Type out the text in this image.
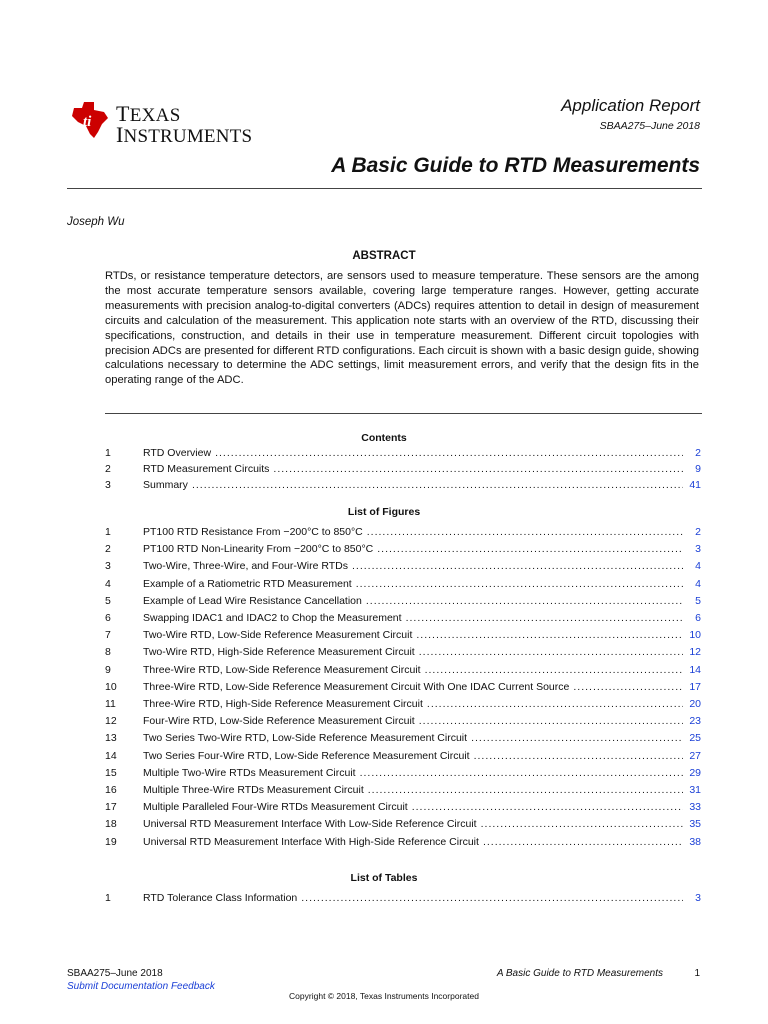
ti TEXAS
INSTRUMENTS
Application Report
SBAA275–June 2018
A Basic Guide to RTD Measurements
Joseph Wu
ABSTRACT
RTDs, or resistance temperature detectors, are sensors used to measure temperature. These sensors are the among the most accurate temperature sensors available, covering large temperature ranges. However, getting accurate measurements with precision analog-to-digital converters (ADCs) requires attention to detail in design of measurement circuits and calculation of the measurement. This application note starts with an overview of the RTD, discussing their specifications, construction, and details in their use in temperature measurement. Different circuit topologies with precision ADCs are presented for different RTD configurations. Each circuit is shown with a basic design guide, showing calculations necessary to determine the ADC settings, limit measurement errors, and verify that the design fits in the operating range of the ADC.
Contents
1	RTD Overview .....	2
2	RTD Measurement Circuits .....	9
3	Summary .....	41
List of Figures
1	PT100 RTD Resistance From −200°C to 850°C .....	2
2	PT100 RTD Non-Linearity From −200°C to 850°C .....	3
3	Two-Wire, Three-Wire, and Four-Wire RTDs .....	4
4	Example of a Ratiometric RTD Measurement .....	4
5	Example of Lead Wire Resistance Cancellation .....	5
6	Swapping IDAC1 and IDAC2 to Chop the Measurement .....	6
7	Two-Wire RTD, Low-Side Reference Measurement Circuit .....	10
8	Two-Wire RTD, High-Side Reference Measurement Circuit .....	12
9	Three-Wire RTD, Low-Side Reference Measurement Circuit .....	14
10	Three-Wire RTD, Low-Side Reference Measurement Circuit With One IDAC Current Source .....	17
11	Three-Wire RTD, High-Side Reference Measurement Circuit .....	20
12	Four-Wire RTD, Low-Side Reference Measurement Circuit .....	23
13	Two Series Two-Wire RTD, Low-Side Reference Measurement Circuit .....	25
14	Two Series Four-Wire RTD, Low-Side Reference Measurement Circuit .....	27
15	Multiple Two-Wire RTDs Measurement Circuit .....	29
16	Multiple Three-Wire RTDs Measurement Circuit .....	31
17	Multiple Paralleled Four-Wire RTDs Measurement Circuit .....	33
18	Universal RTD Measurement Interface With Low-Side Reference Circuit .....	35
19	Universal RTD Measurement Interface With High-Side Reference Circuit .....	38
List of Tables
1	RTD Tolerance Class Information .....	3
SBAA275–June 2018
Submit Documentation Feedback
A Basic Guide to RTD Measurements	1
Copyright © 2018, Texas Instruments Incorporated
